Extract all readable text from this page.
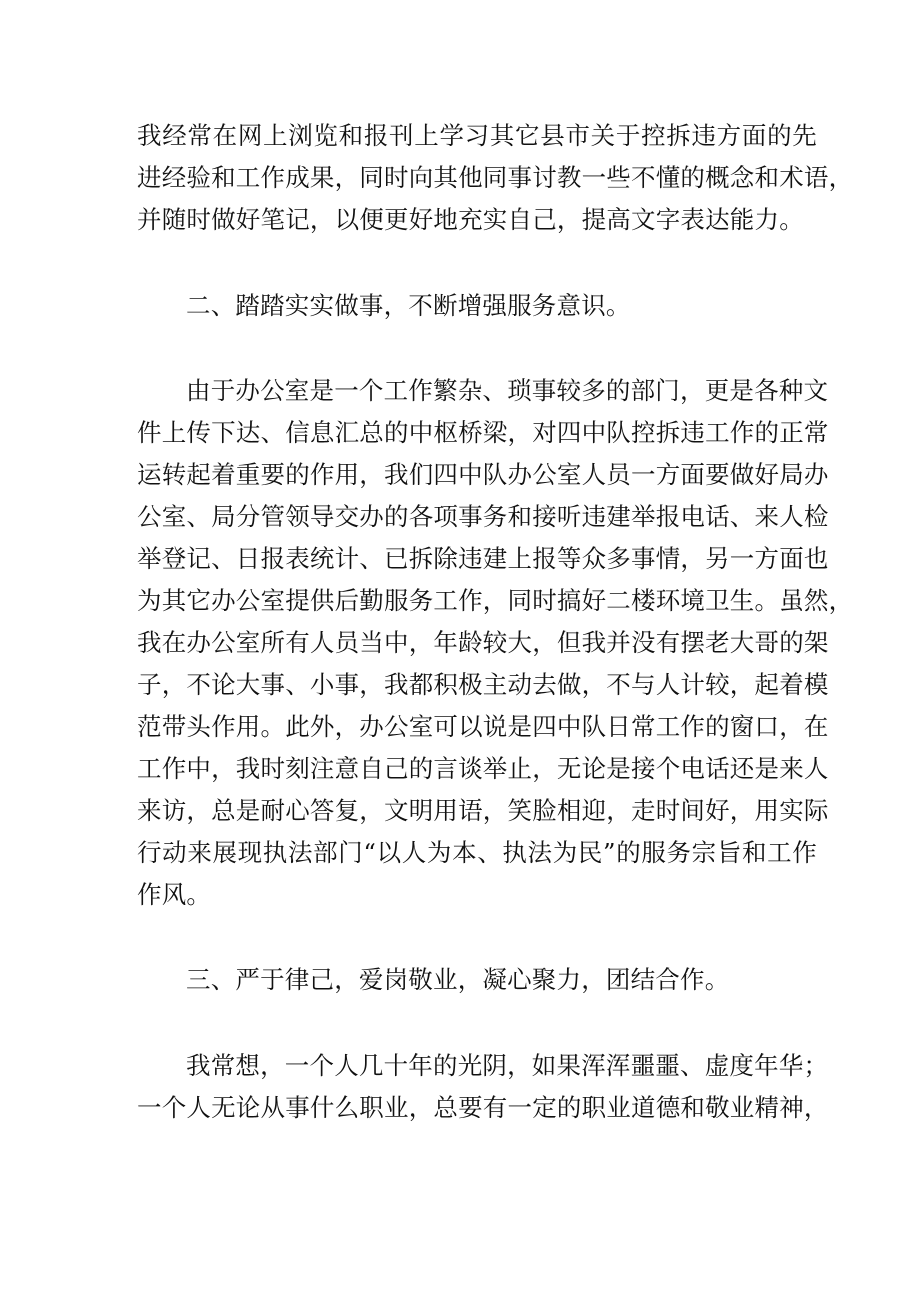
我经常在网上浏览和报刊上学习其它县市关于控拆违方面的先
进经验和工作成果，同时向其他同事讨教一些不懂的概念和术语，
并随时做好笔记，以便更好地充实自己，提高文字表达能力。
二、踏踏实实做事，不断增强服务意识。
由于办公室是一个工作繁杂、琐事较多的部门，更是各种文
件上传下达、信息汇总的中枢桥梁，对四中队控拆违工作的正常
运转起着重要的作用，我们四中队办公室人员一方面要做好局办
公室、局分管领导交办的各项事务和接听违建举报电话、来人检
举登记、日报表统计、已拆除违建上报等众多事情，另一方面也
为其它办公室提供后勤服务工作，同时搞好二楼环境卫生。虽然，
我在办公室所有人员当中，年龄较大，但我并没有摆老大哥的架
子，不论大事、小事，我都积极主动去做，不与人计较，起着模
范带头作用。此外，办公室可以说是四中队日常工作的窗口，在
工作中，我时刻注意自己的言谈举止，无论是接个电话还是来人
来访，总是耐心答复，文明用语，笑脸相迎，走时间好，用实际
行动来展现执法部门“以人为本、执法为民”的服务宗旨和工作
作风。
三、严于律己，爱岗敬业，凝心聚力，团结合作。
我常想，一个人几十年的光阴，如果浑浑噩噩、虚度年华；
一个人无论从事什么职业，总要有一定的职业道德和敬业精神，
